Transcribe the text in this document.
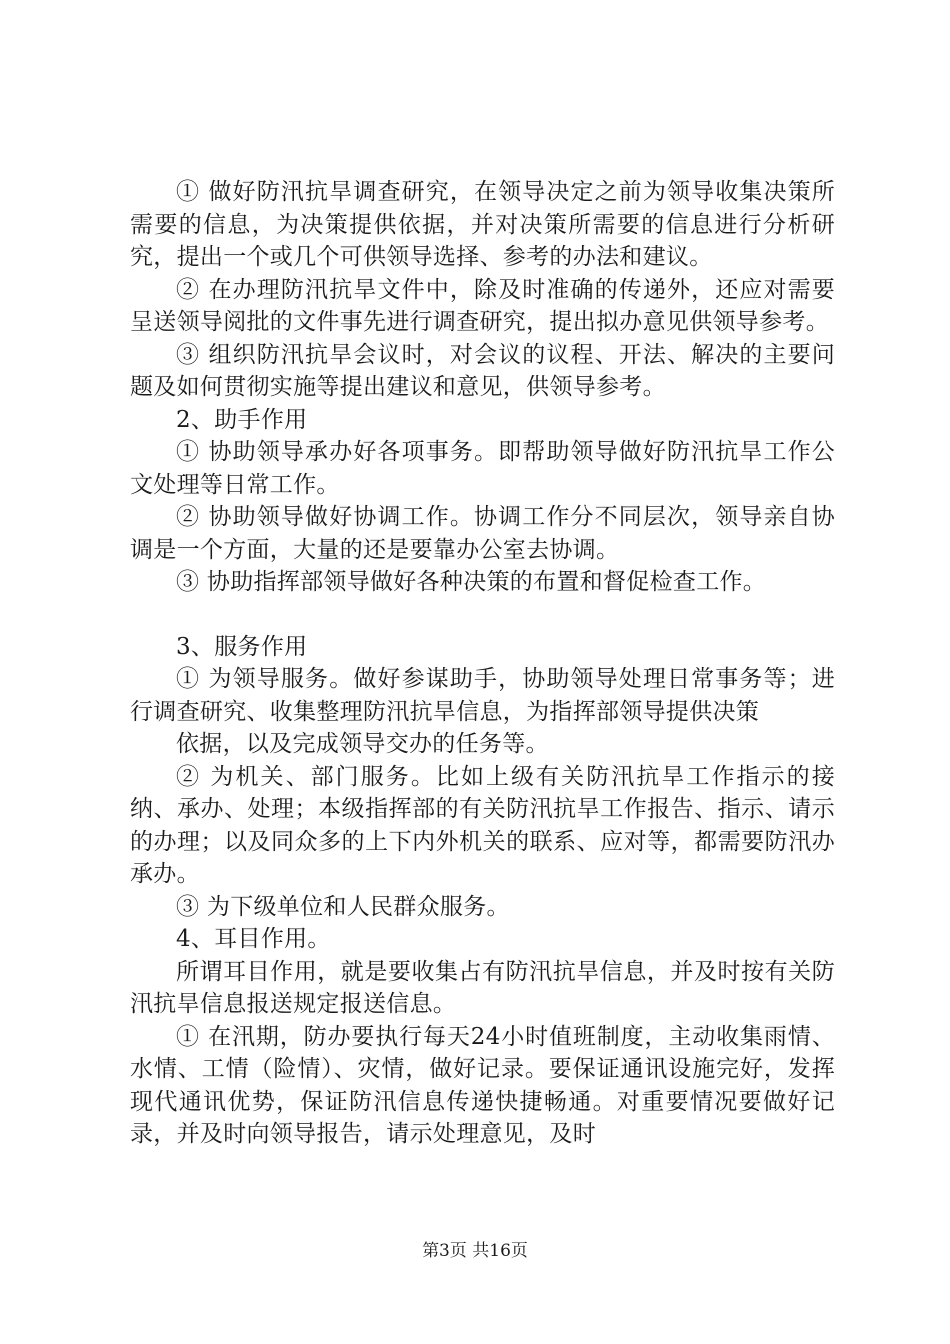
① 做好防汛抗旱调查研究，在领导决定之前为领导收集决策所需要的信息，为决策提供依据，并对决策所需要的信息进行分析研究，提出一个或几个可供领导选择、参考的办法和建议。

② 在办理防汛抗旱文件中，除及时准确的传递外，还应对需要呈送领导阅批的文件事先进行调查研究，提出拟办意见供领导参考。

③ 组织防汛抗旱会议时，对会议的议程、开法、解决的主要问题及如何贯彻实施等提出建议和意见，供领导参考。

2、助手作用

① 协助领导承办好各项事务。即帮助领导做好防汛抗旱工作公文处理等日常工作。

② 协助领导做好协调工作。协调工作分不同层次，领导亲自协调是一个方面，大量的还是要靠办公室去协调。

③ 协助指挥部领导做好各种决策的布置和督促检查工作。

3、服务作用

① 为领导服务。做好参谋助手，协助领导处理日常事务等；进行调查研究、收集整理防汛抗旱信息，为指挥部领导提供决策

依据，以及完成领导交办的任务等。

② 为机关、部门服务。比如上级有关防汛抗旱工作指示的接纳、承办、处理；本级指挥部的有关防汛抗旱工作报告、指示、请示的办理；以及同众多的上下内外机关的联系、应对等，都需要防汛办承办。

③ 为下级单位和人民群众服务。

4、耳目作用。

所谓耳目作用，就是要收集占有防汛抗旱信息，并及时按有关防汛抗旱信息报送规定报送信息。

① 在汛期，防办要执行每天24小时值班制度，主动收集雨情、水情、工情（险情）、灾情，做好记录。要保证通讯设施完好，发挥现代通讯优势，保证防汛信息传递快捷畅通。对重要情况要做好记录，并及时向领导报告，请示处理意见，及时

第3页 共16页
